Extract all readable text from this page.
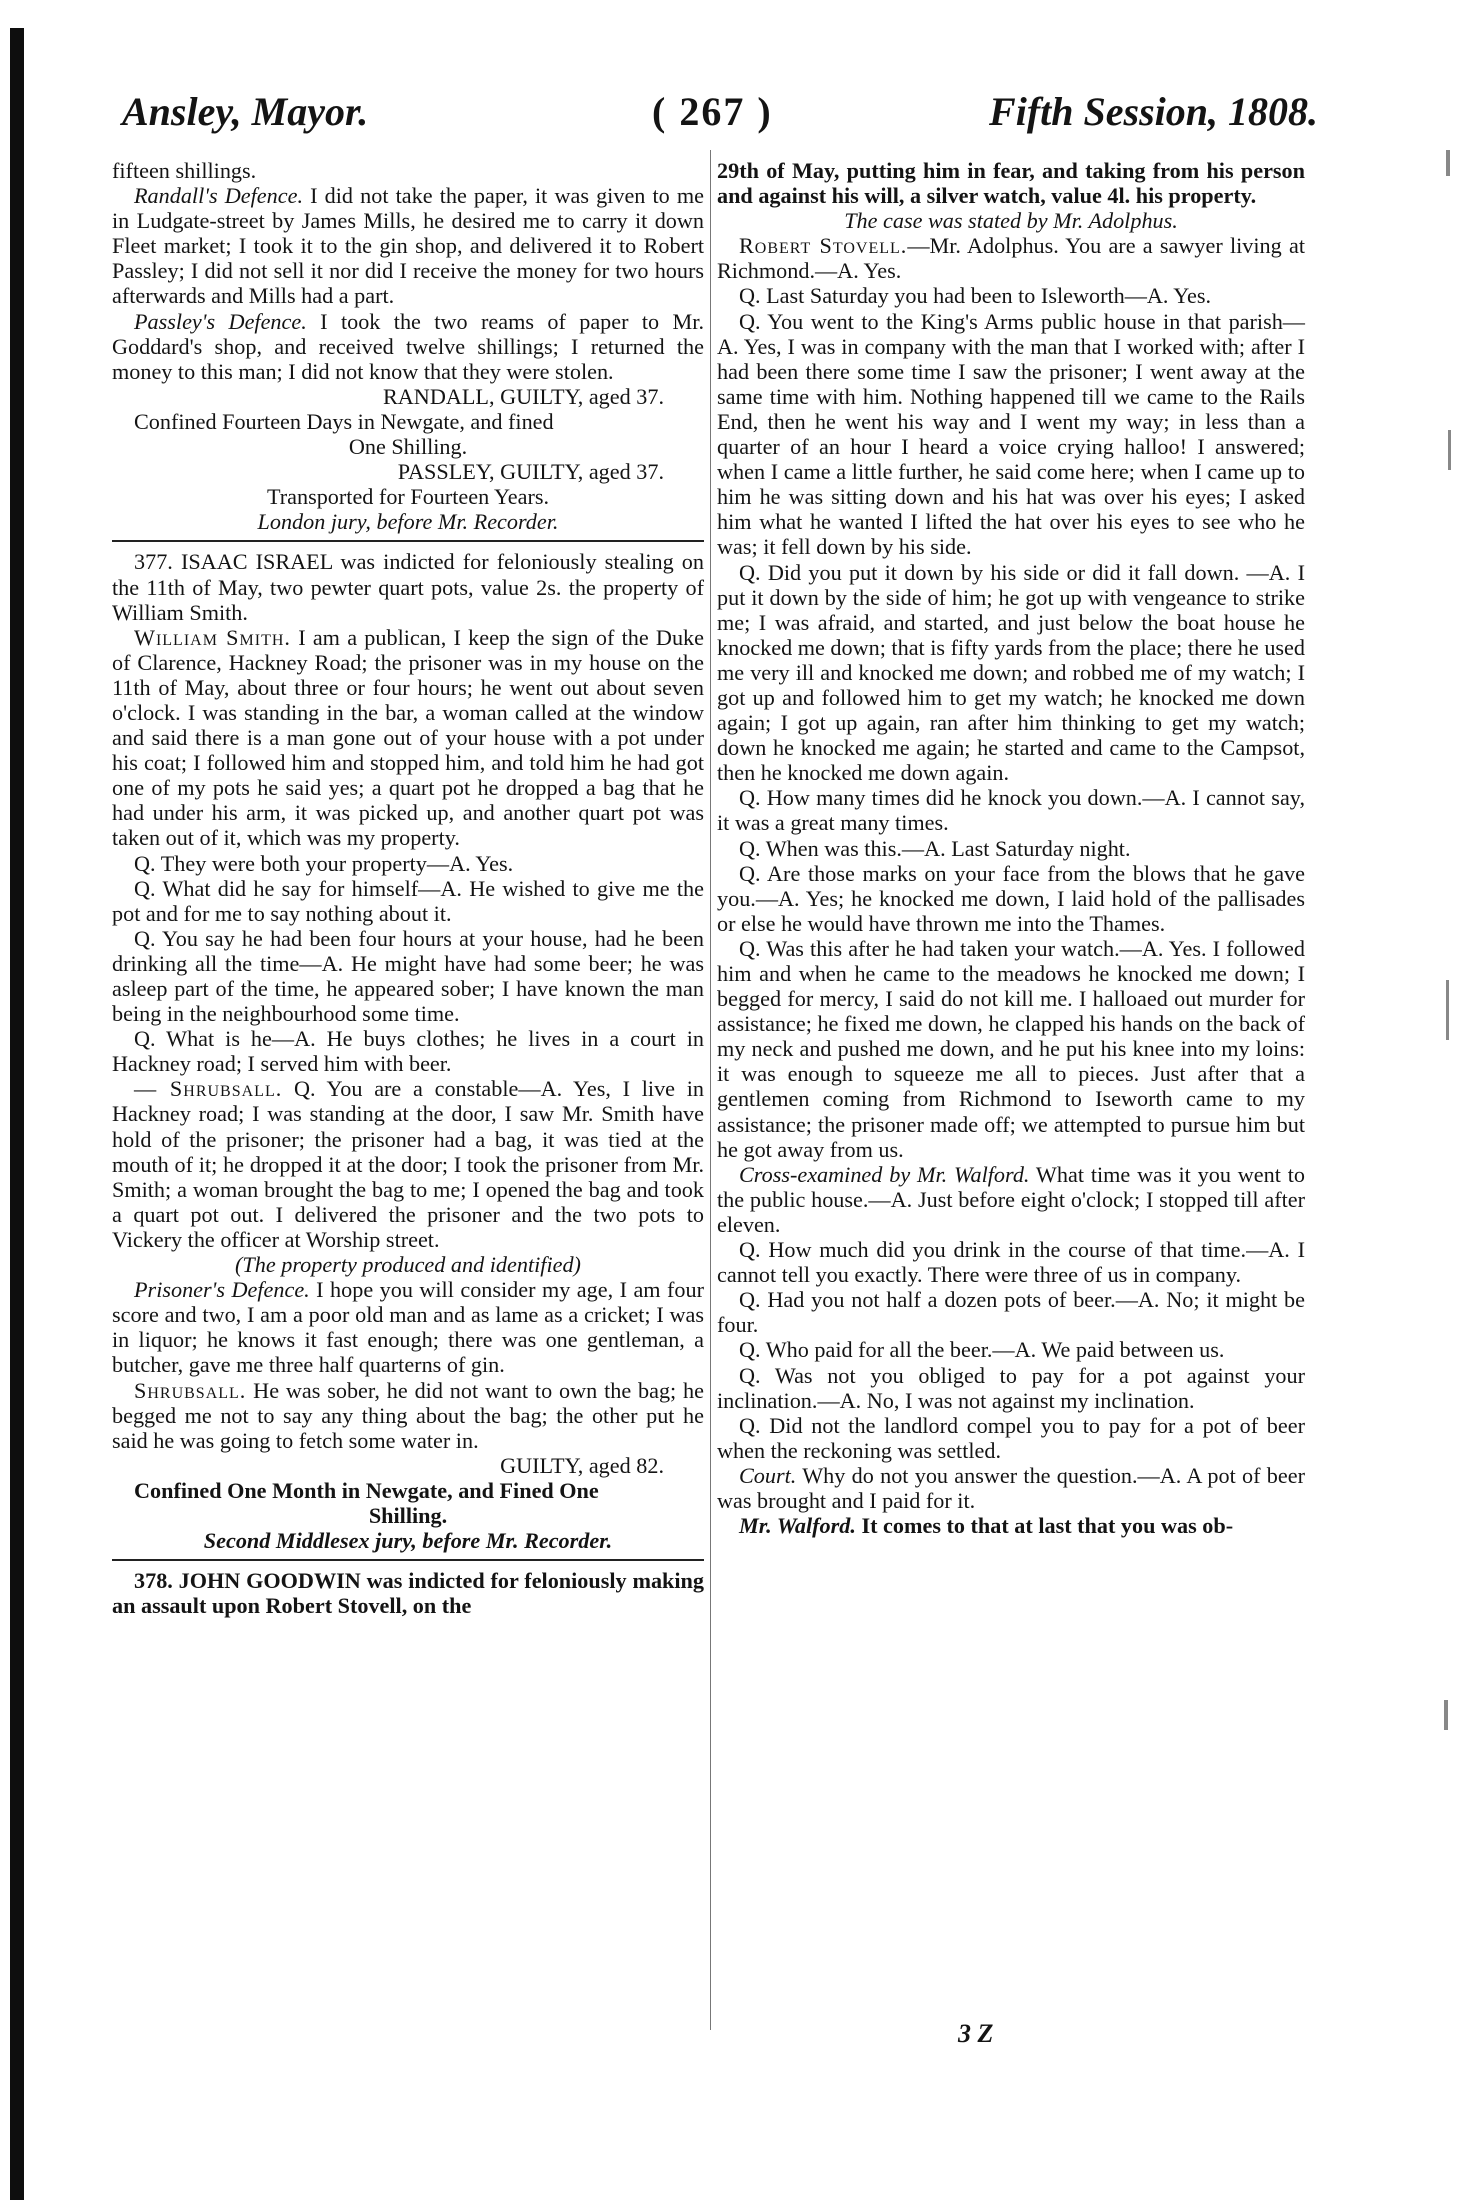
Ansley, Mayor.	( 267 )	Fifth Session, 1808.

fifteen shillings.

Randall's Defence. I did not take the paper, it was given to me in Ludgate-street by James Mills, he desired me to carry it down Fleet market; I took it to the gin shop, and delivered it to Robert Passley; I did not sell it nor did I receive the money for two hours afterwards and Mills had a part.

Passley's Defence. I took the two reams of paper to Mr. Goddard's shop, and received twelve shillings; I returned the money to this man; I did not know that they were stolen.

RANDALL, GUILTY, aged 37.

Confined Fourteen Days in Newgate, and fined

One Shilling.

PASSLEY, GUILTY, aged 37.

Transported for Fourteen Years.

London jury, before Mr. Recorder.

377. ISAAC ISRAEL was indicted for feloniously stealing on the 11th of May, two pewter quart pots, value 2s. the property of William Smith.

William Smith. I am a publican, I keep the sign of the Duke of Clarence, Hackney Road; the prisoner was in my house on the 11th of May, about three or four hours; he went out about seven o'clock. I was standing in the bar, a woman called at the window and said there is a man gone out of your house with a pot under his coat; I followed him and stopped him, and told him he had got one of my pots he said yes; a quart pot he dropped a bag that he had under his arm, it was picked up, and another quart pot was taken out of it, which was my property.

Q. They were both your property—A. Yes.

Q. What did he say for himself—A. He wished to give me the pot and for me to say nothing about it.

Q. You say he had been four hours at your house, had he been drinking all the time—A. He might have had some beer; he was asleep part of the time, he appeared sober; I have known the man being in the neighbourhood some time.

Q. What is he—A. He buys clothes; he lives in a court in Hackney road; I served him with beer.

— Shrubsall. Q. You are a constable—A. Yes, I live in Hackney road; I was standing at the door, I saw Mr. Smith have hold of the prisoner; the prisoner had a bag, it was tied at the mouth of it; he dropped it at the door; I took the prisoner from Mr. Smith; a woman brought the bag to me; I opened the bag and took a quart pot out. I delivered the prisoner and the two pots to Vickery the officer at Worship street.

(The property produced and identified)

Prisoner's Defence. I hope you will consider my age, I am four score and two, I am a poor old man and as lame as a cricket; I was in liquor; he knows it fast enough; there was one gentleman, a butcher, gave me three half quarterns of gin.

Shrubsall. He was sober, he did not want to own the bag; he begged me not to say any thing about the bag; the other put he said he was going to fetch some water in.

GUILTY, aged 82.

Confined One Month in Newgate, and Fined One

Shilling.

Second Middlesex jury, before Mr. Recorder.

378. JOHN GOODWIN was indicted for feloniously making an assault upon Robert Stovell, on the

29th of May, putting him in fear, and taking from his person and against his will, a silver watch, value 4l. his property.

The case was stated by Mr. Adolphus.

Robert Stovell.—Mr. Adolphus. You are a sawyer living at Richmond.—A. Yes.

Q. Last Saturday you had been to Isleworth—A. Yes.

Q. You went to the King's Arms public house in that parish—A. Yes, I was in company with the man that I worked with; after I had been there some time I saw the prisoner; I went away at the same time with him. Nothing happened till we came to the Rails End, then he went his way and I went my way; in less than a quarter of an hour I heard a voice crying halloo! I answered; when I came a little further, he said come here; when I came up to him he was sitting down and his hat was over his eyes; I asked him what he wanted I lifted the hat over his eyes to see who he was; it fell down by his side.

Q. Did you put it down by his side or did it fall down. —A. I put it down by the side of him; he got up with vengeance to strike me; I was afraid, and started, and just below the boat house he knocked me down; that is fifty yards from the place; there he used me very ill and knocked me down; and robbed me of my watch; I got up and followed him to get my watch; he knocked me down again; I got up again, ran after him thinking to get my watch; down he knocked me again; he started and came to the Campsot, then he knocked me down again.

Q. How many times did he knock you down.—A. I cannot say, it was a great many times.

Q. When was this.—A. Last Saturday night.

Q. Are those marks on your face from the blows that he gave you.—A. Yes; he knocked me down, I laid hold of the pallisades or else he would have thrown me into the Thames.

Q. Was this after he had taken your watch.—A. Yes. I followed him and when he came to the meadows he knocked me down; I begged for mercy, I said do not kill me. I halloaed out murder for assistance; he fixed me down, he clapped his hands on the back of my neck and pushed me down, and he put his knee into my loins: it was enough to squeeze me all to pieces. Just after that a gentlemen coming from Richmond to Iseworth came to my assistance; the prisoner made off; we attempted to pursue him but he got away from us.

Cross-examined by Mr. Walford. What time was it you went to the public house.—A. Just before eight o'clock; I stopped till after eleven.

Q. How much did you drink in the course of that time.—A. I cannot tell you exactly. There were three of us in company.

Q. Had you not half a dozen pots of beer.—A. No; it might be four.

Q. Who paid for all the beer.—A. We paid between us.

Q. Was not you obliged to pay for a pot against your inclination.—A. No, I was not against my inclination.

Q. Did not the landlord compel you to pay for a pot of beer when the reckoning was settled.

Court. Why do not you answer the question.—A. A pot of beer was brought and I paid for it.

Mr. Walford. It comes to that at last that you was ob-

3 Z
